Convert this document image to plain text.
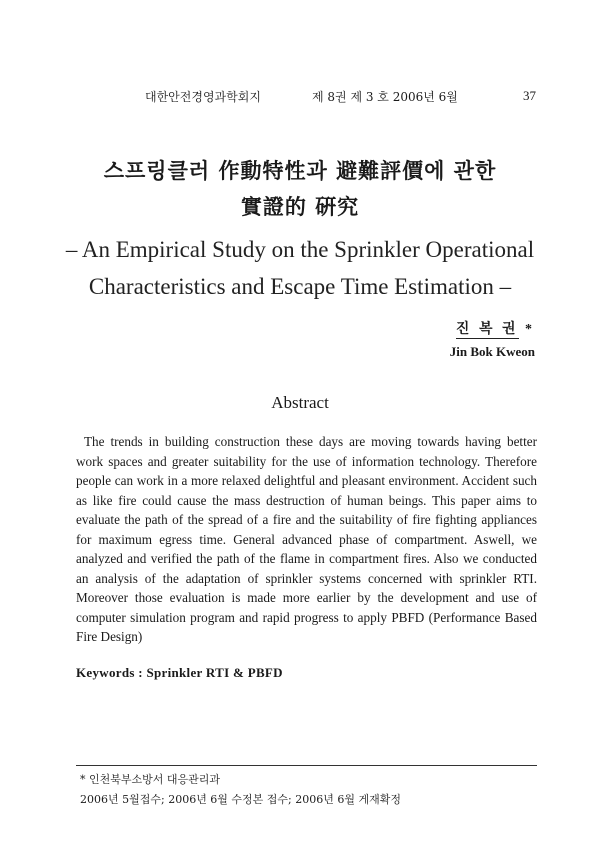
대한안전경영과학회지	제 8권 제 3 호 2006년 6월	37
스프링클러 作動特性과 避難評價에 관한
實證的 硏究
– An Empirical Study on the Sprinkler Operational
Characteristics and Escape Time Estimation –
진 복 권 *
Jin Bok Kweon
Abstract
The trends in building construction these days are moving towards having better work spaces and greater suitability for the use of information technology. Therefore people can work in a more relaxed delightful and pleasant environment. Accident such as like fire could cause the mass destruction of human beings. This paper aims to evaluate the path of the spread of a fire and the suitability of fire fighting appliances for maximum egress time. General advanced phase of compartment. Aswell, we analyzed and verified the path of the flame in compartment fires. Also we conducted an analysis of the adaptation of sprinkler systems concerned with sprinkler RTI. Moreover those evaluation is made more earlier by the development and use of computer simulation program and rapid progress to apply PBFD (Performance Based Fire Design)
Keywords : Sprinkler RTI & PBFD
* 인천북부소방서 대응관리과
2006년 5월접수; 2006년 6월 수정본 접수; 2006년 6월 게재확정
